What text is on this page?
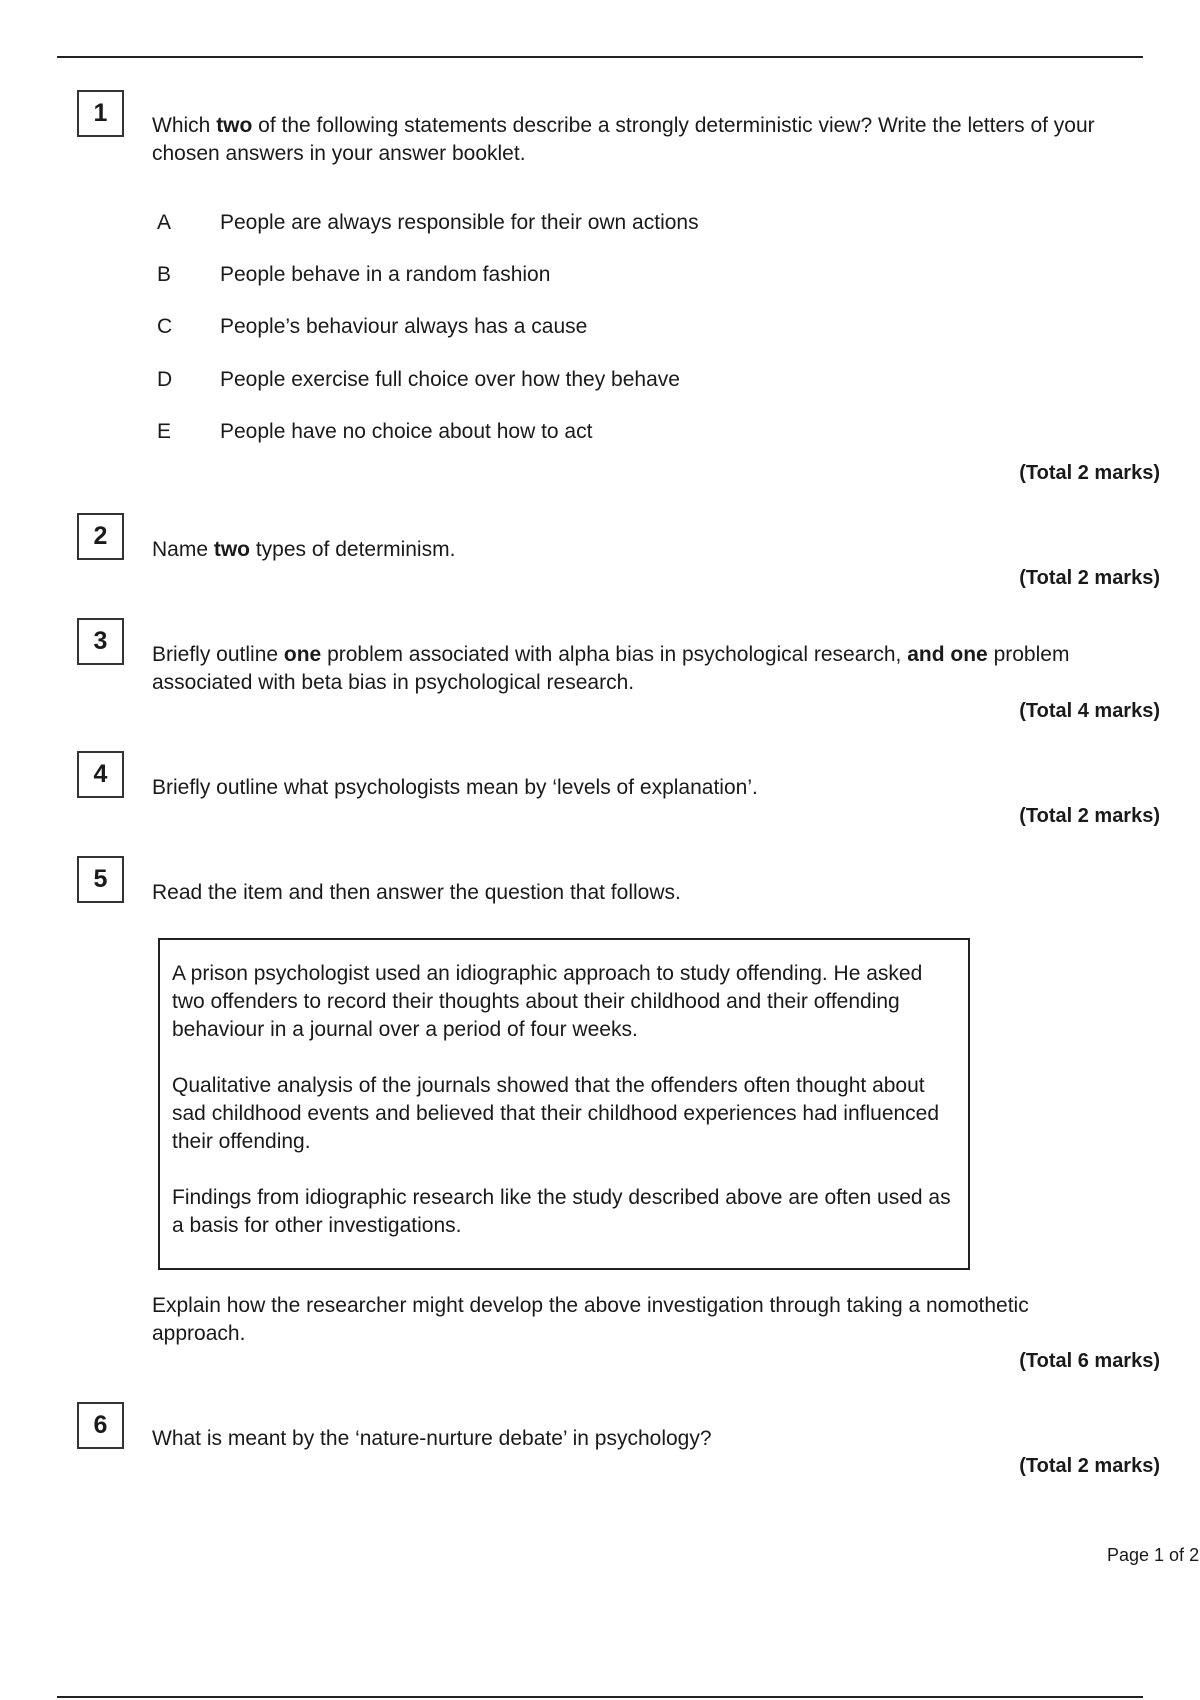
1	Which two of the following statements describe a strongly deterministic view? Write the letters of your chosen answers in your answer booklet.
A People are always responsible for their own actions
B People behave in a random fashion
C People’s behaviour always has a cause
D People exercise full choice over how they behave
E People have no choice about how to act
(Total 2 marks)
2	Name two types of determinism.
(Total 2 marks)
3	Briefly outline one problem associated with alpha bias in psychological research, and one problem associated with beta bias in psychological research.
(Total 4 marks)
4	Briefly outline what psychologists mean by ‘levels of explanation’.
(Total 2 marks)
5	Read the item and then answer the question that follows.

A prison psychologist used an idiographic approach to study offending. He asked two offenders to record their thoughts about their childhood and their offending behaviour in a journal over a period of four weeks.

Qualitative analysis of the journals showed that the offenders often thought about sad childhood events and believed that their childhood experiences had influenced their offending.

Findings from idiographic research like the study described above are often used as a basis for other investigations.

Explain how the researcher might develop the above investigation through taking a nomothetic approach.
(Total 6 marks)
6	What is meant by the ‘nature-nurture debate’ in psychology?
(Total 2 marks)
Page 1 of 2
